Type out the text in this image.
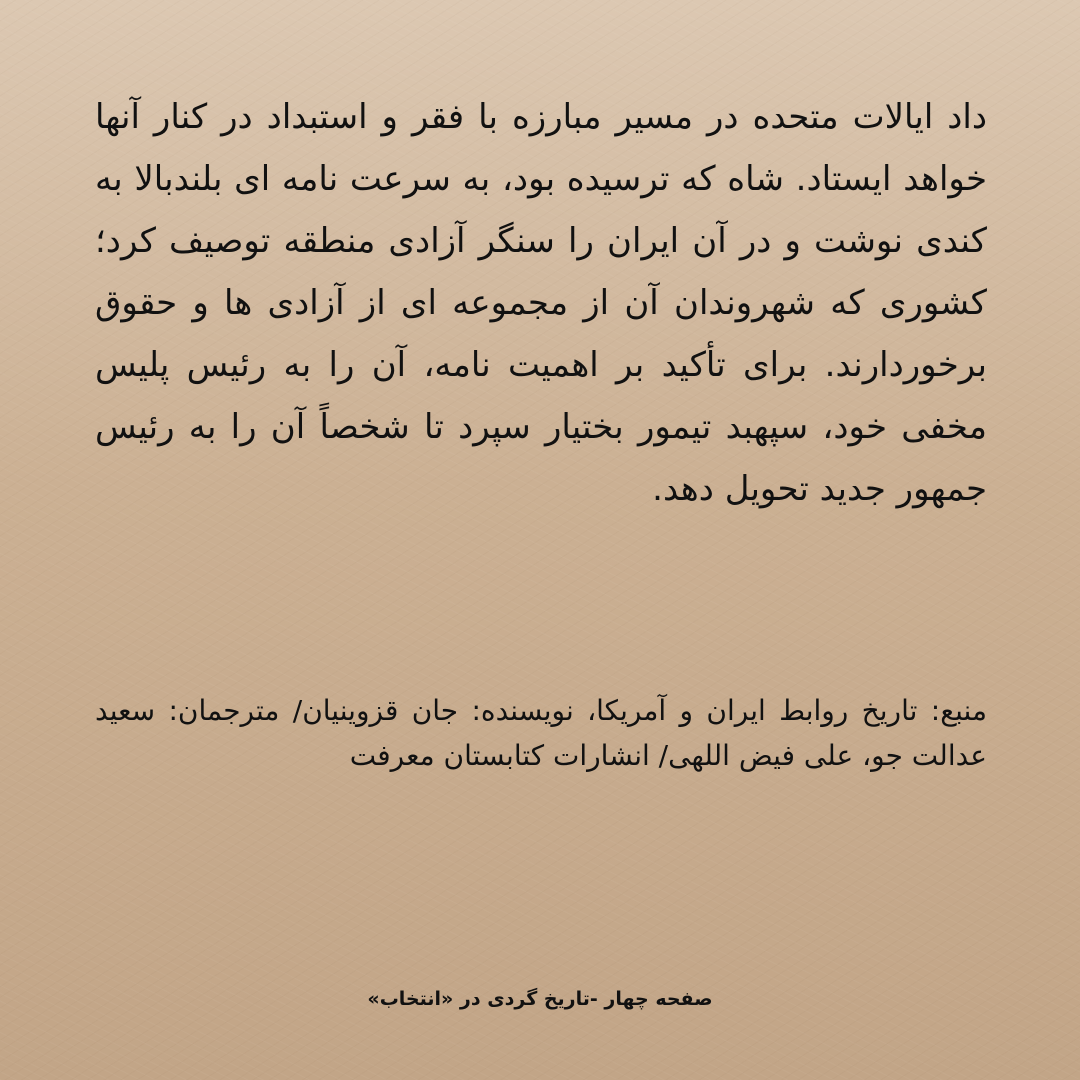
داد ایالات متحده در مسیر مبارزه با فقر و استبداد در کنار آنها خواهد ایستاد. شاه که ترسیده بود، به سرعت نامه ای بلندبالا به کندی نوشت و در آن ایران را سنگر آزادی منطقه توصیف کرد؛ کشوری که شهروندان آن از مجموعه ای از آزادی ها و حقوق برخوردارند. برای تأکید بر اهمیت نامه، آن را به رئیس پلیس مخفی خود، سپهبد تیمور بختیار سپرد تا شخصاً آن را به رئیس جمهور جدید تحویل دهد.

منبع: تاریخ روابط ایران و آمریکا، نویسنده: جان قزوینیان/ مترجمان: سعید عدالت جو، علی فیض اللهی/ انشارات کتابستان معرفت

صفحه چهار -تاریخ گردی در «انتخاب»
